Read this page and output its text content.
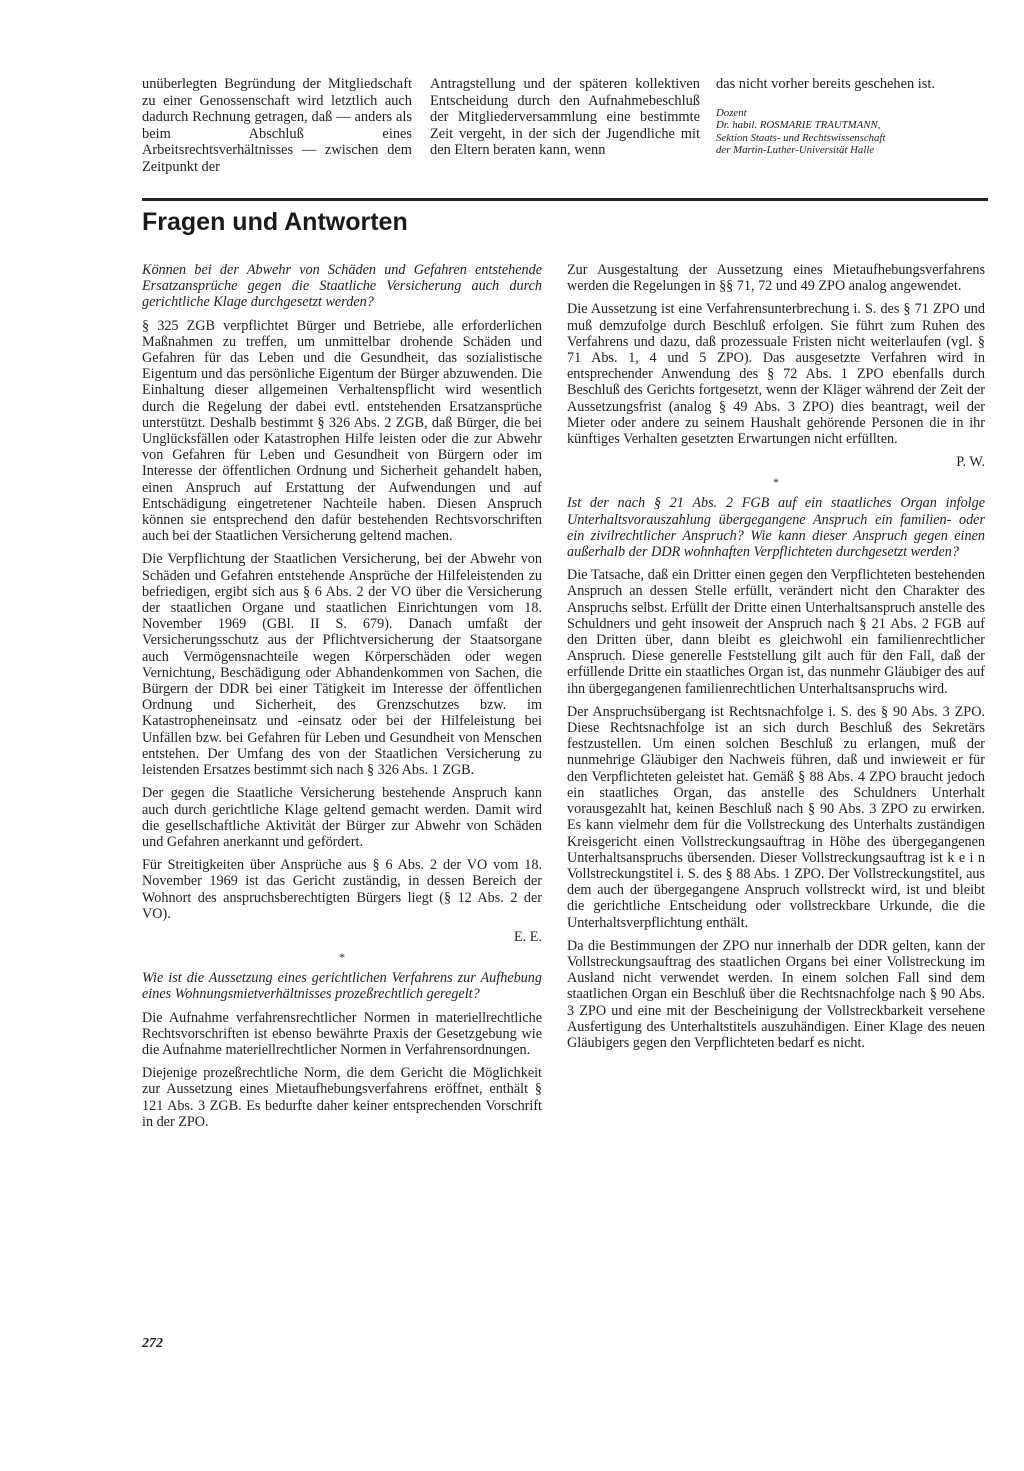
unüberlegten Begründung der Mitgliedschaft zu einer Genossenschaft wird letztlich auch dadurch Rechnung getragen, daß — anders als beim Abschluß eines Arbeitsrechtsverhältnisses — zwischen dem Zeitpunkt der

Antragstellung und der späteren kollektiven Entscheidung durch den Aufnahmebeschluß der Mitgliederversammlung eine bestimmte Zeit vergeht, in der sich der Jugendliche mit den Eltern beraten kann, wenn

das nicht vorher bereits geschehen ist.

Dozent
Dr. habil. ROSMARIE TRAUTMANN,
Sektion Staats- und Rechtswissenschaft
der Martin-Luther-Universität Halle
Fragen und Antworten

Können bei der Abwehr von Schäden und Gefahren entstehende Ersatzansprüche gegen die Staatliche Versicherung auch durch gerichtliche Klage durchgesetzt werden?

§ 325 ZGB verpflichtet Bürger und Betriebe, alle erforderlichen Maßnahmen zu treffen, um unmittelbar drohende Schäden und Gefahren für das Leben und die Gesundheit, das sozialistische Eigentum und das persönliche Eigentum der Bürger abzuwenden. Die Einhaltung dieser allgemeinen Verhaltenspflicht wird wesentlich durch die Regelung der dabei evtl. entstehenden Ersatzansprüche unterstützt. Deshalb bestimmt § 326 Abs. 2 ZGB, daß Bürger, die bei Unglücksfällen oder Katastrophen Hilfe leisten oder die zur Abwehr von Gefahren für Leben und Gesundheit von Bürgern oder im Interesse der öffentlichen Ordnung und Sicherheit gehandelt haben, einen Anspruch auf Erstattung der Aufwendungen und auf Entschädigung eingetretener Nachteile haben. Diesen Anspruch können sie entsprechend den dafür bestehenden Rechtsvorschriften auch bei der Staatlichen Versicherung geltend machen.

Die Verpflichtung der Staatlichen Versicherung, bei der Abwehr von Schäden und Gefahren entstehende Ansprüche der Hilfeleistenden zu befriedigen, ergibt sich aus § 6 Abs. 2 der VO über die Versicherung der staatlichen Organe und staatlichen Einrichtungen vom 18. November 1969 (GBl. II S. 679). Danach umfaßt der Versicherungsschutz aus der Pflichtversicherung der Staatsorgane auch Vermögensnachteile wegen Körperschäden oder wegen Vernichtung, Beschädigung oder Abhandenkommen von Sachen, die Bürgern der DDR bei einer Tätigkeit im Interesse der öffentlichen Ordnung und Sicherheit, des Grenzschutzes bzw. im Katastropheneinsatz und -einsatz oder bei der Hilfeleistung bei Unfällen bzw. bei Gefahren für Leben und Gesundheit von Menschen entstehen. Der Umfang des von der Staatlichen Versicherung zu leistenden Ersatzes bestimmt sich nach § 326 Abs. 1 ZGB.

Der gegen die Staatliche Versicherung bestehende Anspruch kann auch durch gerichtliche Klage geltend gemacht werden. Damit wird die gesellschaftliche Aktivität der Bürger zur Abwehr von Schäden und Gefahren anerkannt und gefördert.

Für Streitigkeiten über Ansprüche aus § 6 Abs. 2 der VO vom 18. November 1969 ist das Gericht zuständig, in dessen Bereich der Wohnort des anspruchsberechtigten Bürgers liegt (§ 12 Abs. 2 der VO).

E. E.

*

Wie ist die Aussetzung eines gerichtlichen Verfahrens zur Aufhebung eines Wohnungsmietverhältnisses prozeßrechtlich geregelt?

Die Aufnahme verfahrensrechtlicher Normen in materiellrechtliche Rechtsvorschriften ist ebenso bewährte Praxis der Gesetzgebung wie die Aufnahme materiellrechtlicher Normen in Verfahrensordnungen.

Diejenige prozeßrechtliche Norm, die dem Gericht die Möglichkeit zur Aussetzung eines Mietaufhebungsverfahrens eröffnet, enthält § 121 Abs. 3 ZGB. Es bedurfte daher keiner entsprechenden Vorschrift in der ZPO.

Zur Ausgestaltung der Aussetzung eines Mietaufhebungsverfahrens werden die Regelungen in §§ 71, 72 und 49 ZPO analog angewendet.

Die Aussetzung ist eine Verfahrensunterbrechung i. S. des § 71 ZPO und muß demzufolge durch Beschluß erfolgen. Sie führt zum Ruhen des Verfahrens und dazu, daß prozessuale Fristen nicht weiterlaufen (vgl. § 71 Abs. 1, 4 und 5 ZPO). Das ausgesetzte Verfahren wird in entsprechender Anwendung des § 72 Abs. 1 ZPO ebenfalls durch Beschluß des Gerichts fortgesetzt, wenn der Kläger während der Zeit der Aussetzungsfrist (analog § 49 Abs. 3 ZPO) dies beantragt, weil der Mieter oder andere zu seinem Haushalt gehörende Personen die in ihr künftiges Verhalten gesetzten Erwartungen nicht erfüllten.

P. W.

*

Ist der nach § 21 Abs. 2 FGB auf ein staatliches Organ infolge Unterhaltsvorauszahlung übergegangene Anspruch ein familien- oder ein zivilrechtlicher Anspruch? Wie kann dieser Anspruch gegen einen außerhalb der DDR wohnhaften Verpflichteten durchgesetzt werden?

Die Tatsache, daß ein Dritter einen gegen den Verpflichteten bestehenden Anspruch an dessen Stelle erfüllt, verändert nicht den Charakter des Anspruchs selbst. Erfüllt der Dritte einen Unterhaltsanspruch anstelle des Schuldners und geht insoweit der Anspruch nach § 21 Abs. 2 FGB auf den Dritten über, dann bleibt es gleichwohl ein familienrechtlicher Anspruch. Diese generelle Feststellung gilt auch für den Fall, daß der erfüllende Dritte ein staatliches Organ ist, das nunmehr Gläubiger des auf ihn übergegangenen familienrechtlichen Unterhaltsanspruchs wird.

Der Anspruchsübergang ist Rechtsnachfolge i. S. des § 90 Abs. 3 ZPO. Diese Rechtsnachfolge ist an sich durch Beschluß des Sekretärs festzustellen. Um einen solchen Beschluß zu erlangen, muß der nunmehrige Gläubiger den Nachweis führen, daß und inwieweit er für den Verpflichteten geleistet hat. Gemäß § 88 Abs. 4 ZPO braucht jedoch ein staatliches Organ, das anstelle des Schuldners Unterhalt vorausgezahlt hat, keinen Beschluß nach § 90 Abs. 3 ZPO zu erwirken. Es kann vielmehr dem für die Vollstreckung des Unterhalts zuständigen Kreisgericht einen Vollstreckungsauftrag in Höhe des übergegangenen Unterhaltsanspruchs übersenden. Dieser Vollstreckungsauftrag ist k e i n Vollstreckungstitel i. S. des § 88 Abs. 1 ZPO. Der Vollstreckungstitel, aus dem auch der übergegangene Anspruch vollstreckt wird, ist und bleibt die gerichtliche Entscheidung oder vollstreckbare Urkunde, die die Unterhaltsverpflichtung enthält.

Da die Bestimmungen der ZPO nur innerhalb der DDR gelten, kann der Vollstreckungsauftrag des staatlichen Organs bei einer Vollstreckung im Ausland nicht verwendet werden. In einem solchen Fall sind dem staatlichen Organ ein Beschluß über die Rechtsnachfolge nach § 90 Abs. 3 ZPO und eine mit der Bescheinigung der Vollstreckbarkeit versehene Ausfertigung des Unterhaltstitels auszuhändigen. Einer Klage des neuen Gläubigers gegen den Verpflichteten bedarf es nicht.

272
